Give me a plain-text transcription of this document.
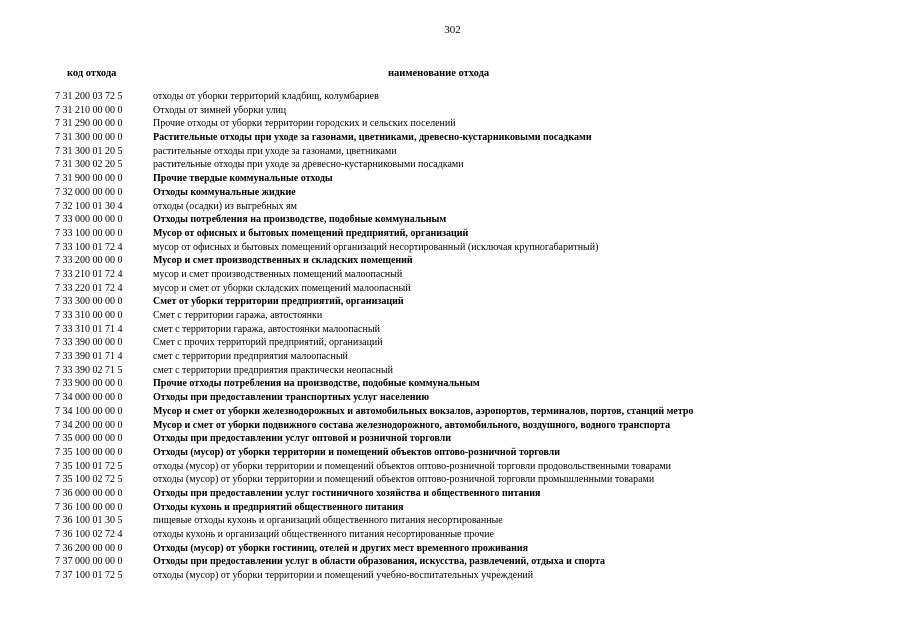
302
код отхода	наименование отхода
7 31 200 03 72 5	отходы от уборки территорий кладбищ, колумбариев
7 31 210 00 00 0	Отходы от зимней уборки улиц
7 31 290 00 00 0	Прочие отходы от уборки территории городских и сельских поселений
7 31 300 00 00 0	Растительные отходы при уходе за газонами, цветниками, древесно-кустарниковыми посадками
7 31 300 01 20 5	растительные отходы при уходе за газонами, цветниками
7 31 300 02 20 5	растительные отходы при уходе за древесно-кустарниковыми посадками
7 31 900 00 00 0	Прочие твердые коммунальные отходы
7 32 000 00 00 0	Отходы коммунальные жидкие
7 32 100 01 30 4	отходы (осадки) из выгребных ям
7 33 000 00 00 0	Отходы потребления на производстве, подобные коммунальным
7 33 100 00 00 0	Мусор от офисных и бытовых помещений предприятий, организаций
7 33 100 01 72 4	мусор от офисных и бытовых помещений организаций несортированный (исключая крупногабаритный)
7 33 200 00 00 0	Мусор и смет производственных и складских помещений
7 33 210 01 72 4	мусор и смет производственных помещений малоопасный
7 33 220 01 72 4	мусор и смет от уборки складских помещений малоопасный
7 33 300 00 00 0	Смет от уборки территории предприятий, организаций
7 33 310 00 00 0	Смет с территории гаража, автостоянки
7 33 310 01 71 4	смет с территории гаража, автостоянки малоопасный
7 33 390 00 00 0	Смет с прочих территорий предприятий, организаций
7 33 390 01 71 4	смет с территории предприятия малоопасный
7 33 390 02 71 5	смет с территории предприятия практически неопасный
7 33 900 00 00 0	Прочие отходы потребления на производстве, подобные коммунальным
7 34 000 00 00 0	Отходы при предоставлении транспортных услуг населению
7 34 100 00 00 0	Мусор и смет от уборки железнодорожных и автомобильных вокзалов, аэропортов, терминалов, портов, станций метро
7 34 200 00 00 0	Мусор и смет от уборки подвижного состава железнодорожного, автомобильного, воздушного, водного транспорта
7 35 000 00 00 0	Отходы при предоставлении услуг оптовой и розничной торговли
7 35 100 00 00 0	Отходы (мусор) от уборки территории и помещений объектов оптово-розничной торговли
7 35 100 01 72 5	отходы (мусор) от уборки территории и помещений объектов оптово-розничной торговли продовольственными товарами
7 35 100 02 72 5	отходы (мусор) от уборки территории и помещений объектов оптово-розничной торговли промышленными товарами
7 36 000 00 00 0	Отходы при предоставлении услуг гостиничного хозяйства и общественного питания
7 36 100 00 00 0	Отходы кухонь и предприятий общественного питания
7 36 100 01 30 5	пищевые отходы кухонь и организаций общественного питания несортированные
7 36 100 02 72 4	отходы кухонь и организаций общественного питания несортированные прочие
7 36 200 00 00 0	Отходы (мусор) от уборки гостиниц, отелей и других мест временного проживания
7 37 000 00 00 0	Отходы при предоставлении услуг в области образования, искусства, развлечений, отдыха и спорта
7 37 100 01 72 5	отходы (мусор) от уборки территории и помещений учебно-воспитательных учреждений
